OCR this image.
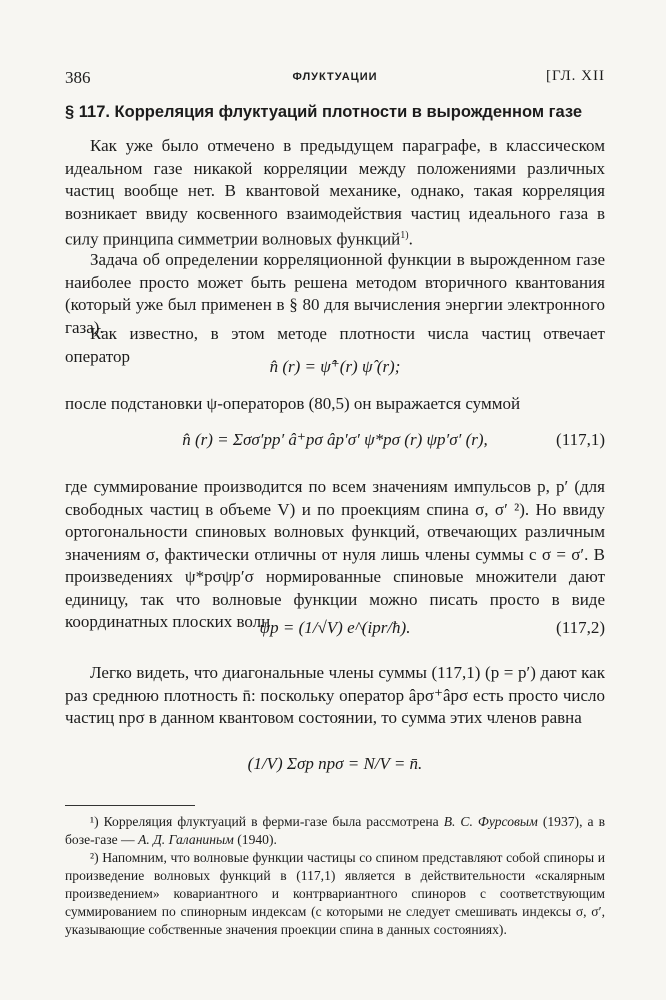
386	ФЛУКТУАЦИИ	[ГЛ. XII
§ 117. Корреляция флуктуаций плотности в вырожденном газе
Как уже было отмечено в предыдущем параграфе, в классическом идеальном газе никакой корреляции между положениями различных частиц вообще нет. В квантовой механике, однако, такая корреляция возникает ввиду косвенного взаимодействия частиц идеального газа в силу принципа симметрии волновых функций$^{1)}$.
Задача об определении корреляционной функции в вырожденном газе наиболее просто может быть решена методом вторичного квантования (который уже был применен в § 80 для вычисления энергии электронного газа).
Как известно, в этом методе плотности числа частиц отвечает оператор
n̂ (r) = ψ̂⁺(r) ψ̂ (r);
после подстановки ψ-операторов (80,5) он выражается суммой
n̂ (r) = Σσσ′pp′ â⁺pσ âp′σ′ ψ*pσ (r) ψp′σ′ (r),	(117,1)
где суммирование производится по всем значениям импульсов p, p′ (для свободных частиц в объеме V) и по проекциям спина σ, σ′ ²). Но ввиду ортогональности спиновых волновых функций, отвечающих различным значениям σ, фактически отличны от нуля лишь члены суммы с σ = σ′. В произведениях ψ*pσψp′σ нормированные спиновые множители дают единицу, так что волновые функции можно писать просто в виде координатных плоских волн
ψp = (1/√V) e^(ipr/ħ).	(117,2)
Легко видеть, что диагональные члены суммы (117,1) (p = p′) дают как раз среднюю плотность n̄: поскольку оператор âpσ⁺âpσ есть просто число частиц npσ в данном квантовом состоянии, то сумма этих членов равна
(1/V) Σσp npσ = N/V = n̄.
¹) Корреляция флуктуаций в ферми-газе была рассмотрена В. С. Фурсовым (1937), а в бозе-газе — А. Д. Галаниным (1940).
²) Напомним, что волновые функции частицы со спином представляют собой спиноры и произведение волновых функций в (117,1) является в действительности «скалярным произведением» ковариантного и контрвариантного спиноров с соответствующим суммированием по спинорным индексам (с которыми не следует смешивать индексы σ, σ′, указывающие собственные значения проекции спина в данных состояниях).
